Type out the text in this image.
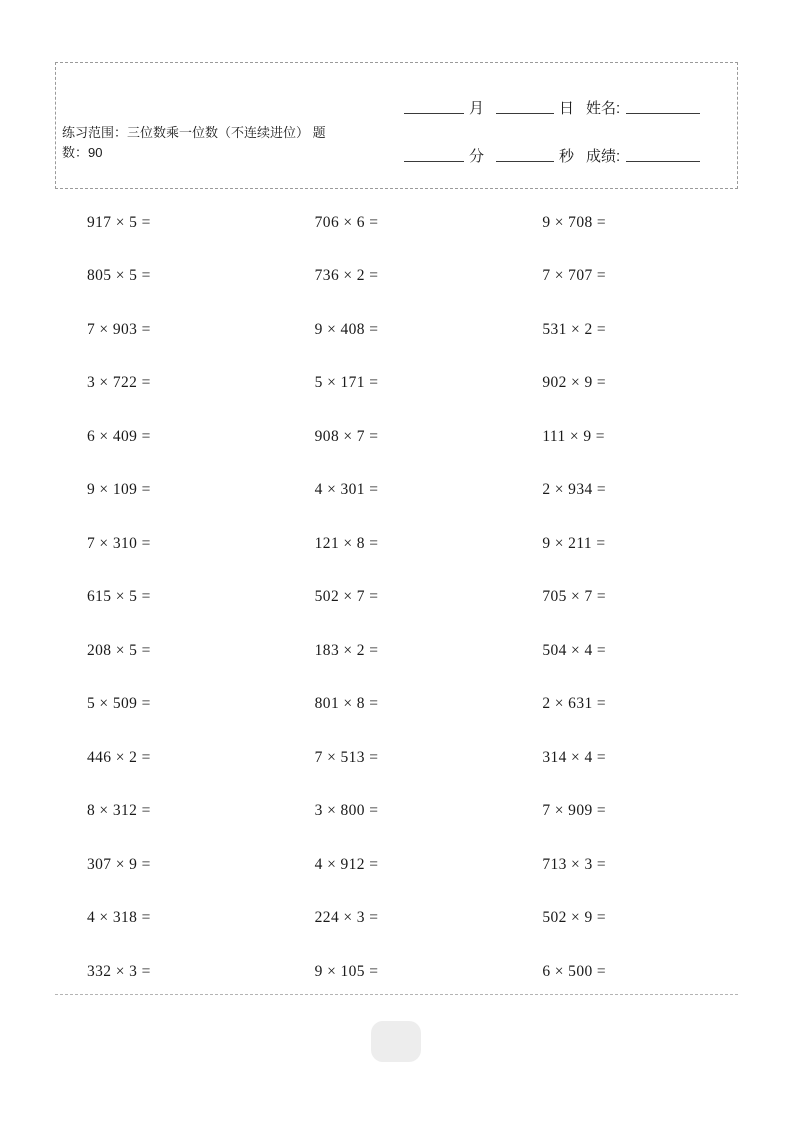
练习范围：三位数乘一位数（不连续进位） 题数：90
月	日 姓名:
分	秒 成绩:
917 × 5 =	706 × 6 =	9 × 708 =
805 × 5 =	736 × 2 =	7 × 707 =
7 × 903 =	9 × 408 =	531 × 2 =
3 × 722 =	5 × 171 =	902 × 9 =
6 × 409 =	908 × 7 =	111 × 9 =
9 × 109 =	4 × 301 =	2 × 934 =
7 × 310 =	121 × 8 =	9 × 211 =
615 × 5 =	502 × 7 =	705 × 7 =
208 × 5 =	183 × 2 =	504 × 4 =
5 × 509 =	801 × 8 =	2 × 631 =
446 × 2 =	7 × 513 =	314 × 4 =
8 × 312 =	3 × 800 =	7 × 909 =
307 × 9 =	4 × 912 =	713 × 3 =
4 × 318 =	224 × 3 =	502 × 9 =
332 × 3 =	9 × 105 =	6 × 500 =
